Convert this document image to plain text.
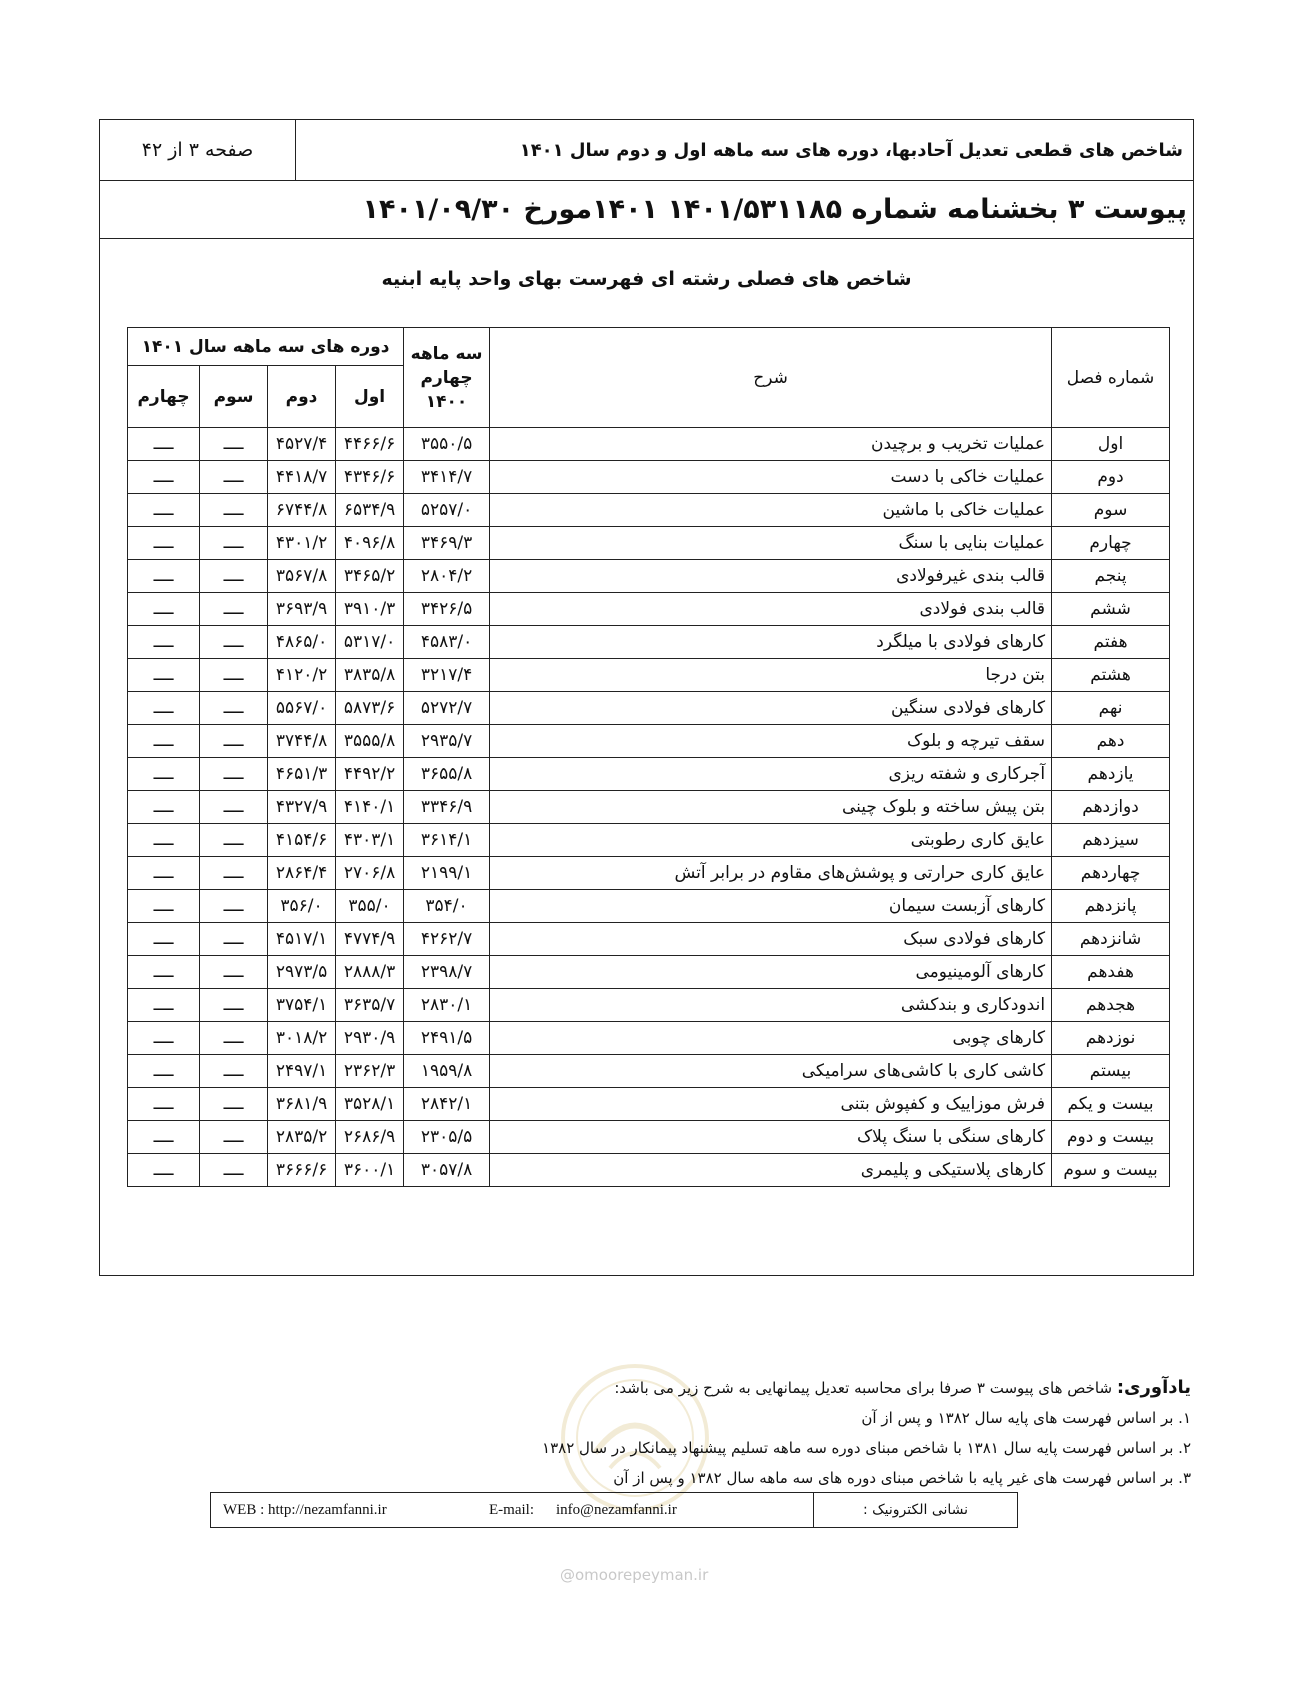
صفحه ۳ از ۴۲	شاخص های قطعی تعدیل آحادبها، دوره های سه ماهه اول و دوم سال ۱۴۰۱
پیوست ۳ بخشنامه شماره ۱۴۰۱/۵۳۱۱۸۵ ۱۴۰۱مورخ ۱۴۰۱/۰۹/۳۰
شاخص های فصلی رشته ای فهرست بهای واحد پایه ابنیه
شماره فصل	شرح	سه ماهه چهارم ۱۴۰۰	دوره های سه ماهه سال ۱۴۰۱			
			اول	دوم	سوم	چهارم
اول	عملیات تخریب و برچیدن	۳۵۵۰/۵	۴۴۶۶/۶	۴۵۲۷/۴	ــــ	ــــ
دوم	عملیات خاکی با دست	۳۴۱۴/۷	۴۳۴۶/۶	۴۴۱۸/۷	ــــ	ــــ
سوم	عملیات خاکی با ماشین	۵۲۵۷/۰	۶۵۳۴/۹	۶۷۴۴/۸	ــــ	ــــ
چهارم	عملیات بنایی با سنگ	۳۴۶۹/۳	۴۰۹۶/۸	۴۳۰۱/۲	ــــ	ــــ
پنجم	قالب بندی غیرفولادی	۲۸۰۴/۲	۳۴۶۵/۲	۳۵۶۷/۸	ــــ	ــــ
ششم	قالب بندی فولادی	۳۴۲۶/۵	۳۹۱۰/۳	۳۶۹۳/۹	ــــ	ــــ
هفتم	کارهای فولادی با میلگرد	۴۵۸۳/۰	۵۳۱۷/۰	۴۸۶۵/۰	ــــ	ــــ
هشتم	بتن درجا	۳۲۱۷/۴	۳۸۳۵/۸	۴۱۲۰/۲	ــــ	ــــ
نهم	کارهای فولادی سنگین	۵۲۷۲/۷	۵۸۷۳/۶	۵۵۶۷/۰	ــــ	ــــ
دهم	سقف تیرچه و بلوک	۲۹۳۵/۷	۳۵۵۵/۸	۳۷۴۴/۸	ــــ	ــــ
یازدهم	آجرکاری و شفته ریزی	۳۶۵۵/۸	۴۴۹۲/۲	۴۶۵۱/۳	ــــ	ــــ
دوازدهم	بتن پیش ساخته و بلوک چینی	۳۳۴۶/۹	۴۱۴۰/۱	۴۳۲۷/۹	ــــ	ــــ
سیزدهم	عایق کاری رطوبتی	۳۶۱۴/۱	۴۳۰۳/۱	۴۱۵۴/۶	ــــ	ــــ
چهاردهم	عایق کاری حرارتی و پوشش‌های مقاوم در برابر آتش	۲۱۹۹/۱	۲۷۰۶/۸	۲۸۶۴/۴	ــــ	ــــ
پانزدهم	کارهای آزبست سیمان	۳۵۴/۰	۳۵۵/۰	۳۵۶/۰	ــــ	ــــ
شانزدهم	کارهای فولادی سبک	۴۲۶۲/۷	۴۷۷۴/۹	۴۵۱۷/۱	ــــ	ــــ
هفدهم	کارهای آلومینیومی	۲۳۹۸/۷	۲۸۸۸/۳	۲۹۷۳/۵	ــــ	ــــ
هجدهم	اندودکاری و بندکشی	۲۸۳۰/۱	۳۶۳۵/۷	۳۷۵۴/۱	ــــ	ــــ
نوزدهم	کارهای چوبی	۲۴۹۱/۵	۲۹۳۰/۹	۳۰۱۸/۲	ــــ	ــــ
بیستم	کاشی کاری با کاشی‌های سرامیکی	۱۹۵۹/۸	۲۳۶۲/۳	۲۴۹۷/۱	ــــ	ــــ
بیست و یکم	فرش موزاییک و کفپوش بتنی	۲۸۴۲/۱	۳۵۲۸/۱	۳۶۸۱/۹	ــــ	ــــ
بیست و دوم	کارهای سنگی با سنگ پلاک	۲۳۰۵/۵	۲۶۸۶/۹	۲۸۳۵/۲	ــــ	ــــ
بیست و سوم	کارهای پلاستیکی و پلیمری	۳۰۵۷/۸	۳۶۰۰/۱	۳۶۶۶/۶	ــــ	ــــ
یادآوری: شاخص های پیوست ۳ صرفا برای محاسبه تعدیل پیمانهایی به شرح زیر می باشد:
۱. بر اساس فهرست های پایه سال ۱۳۸۲ و پس از آن
۲. بر اساس فهرست پایه سال ۱۳۸۱ با شاخص مبنای دوره سه ماهه تسلیم پیشنهاد پیمانکار در سال ۱۳۸۲
۳. بر اساس فهرست های غیر پایه با شاخص مبنای دوره های سه ماهه سال ۱۳۸۲ و پس از آن
نشانی الکترونیک :
E-mail: info@nezamfanni.ir
WEB : http://nezamfanni.ir
@omoorepeyman.ir
